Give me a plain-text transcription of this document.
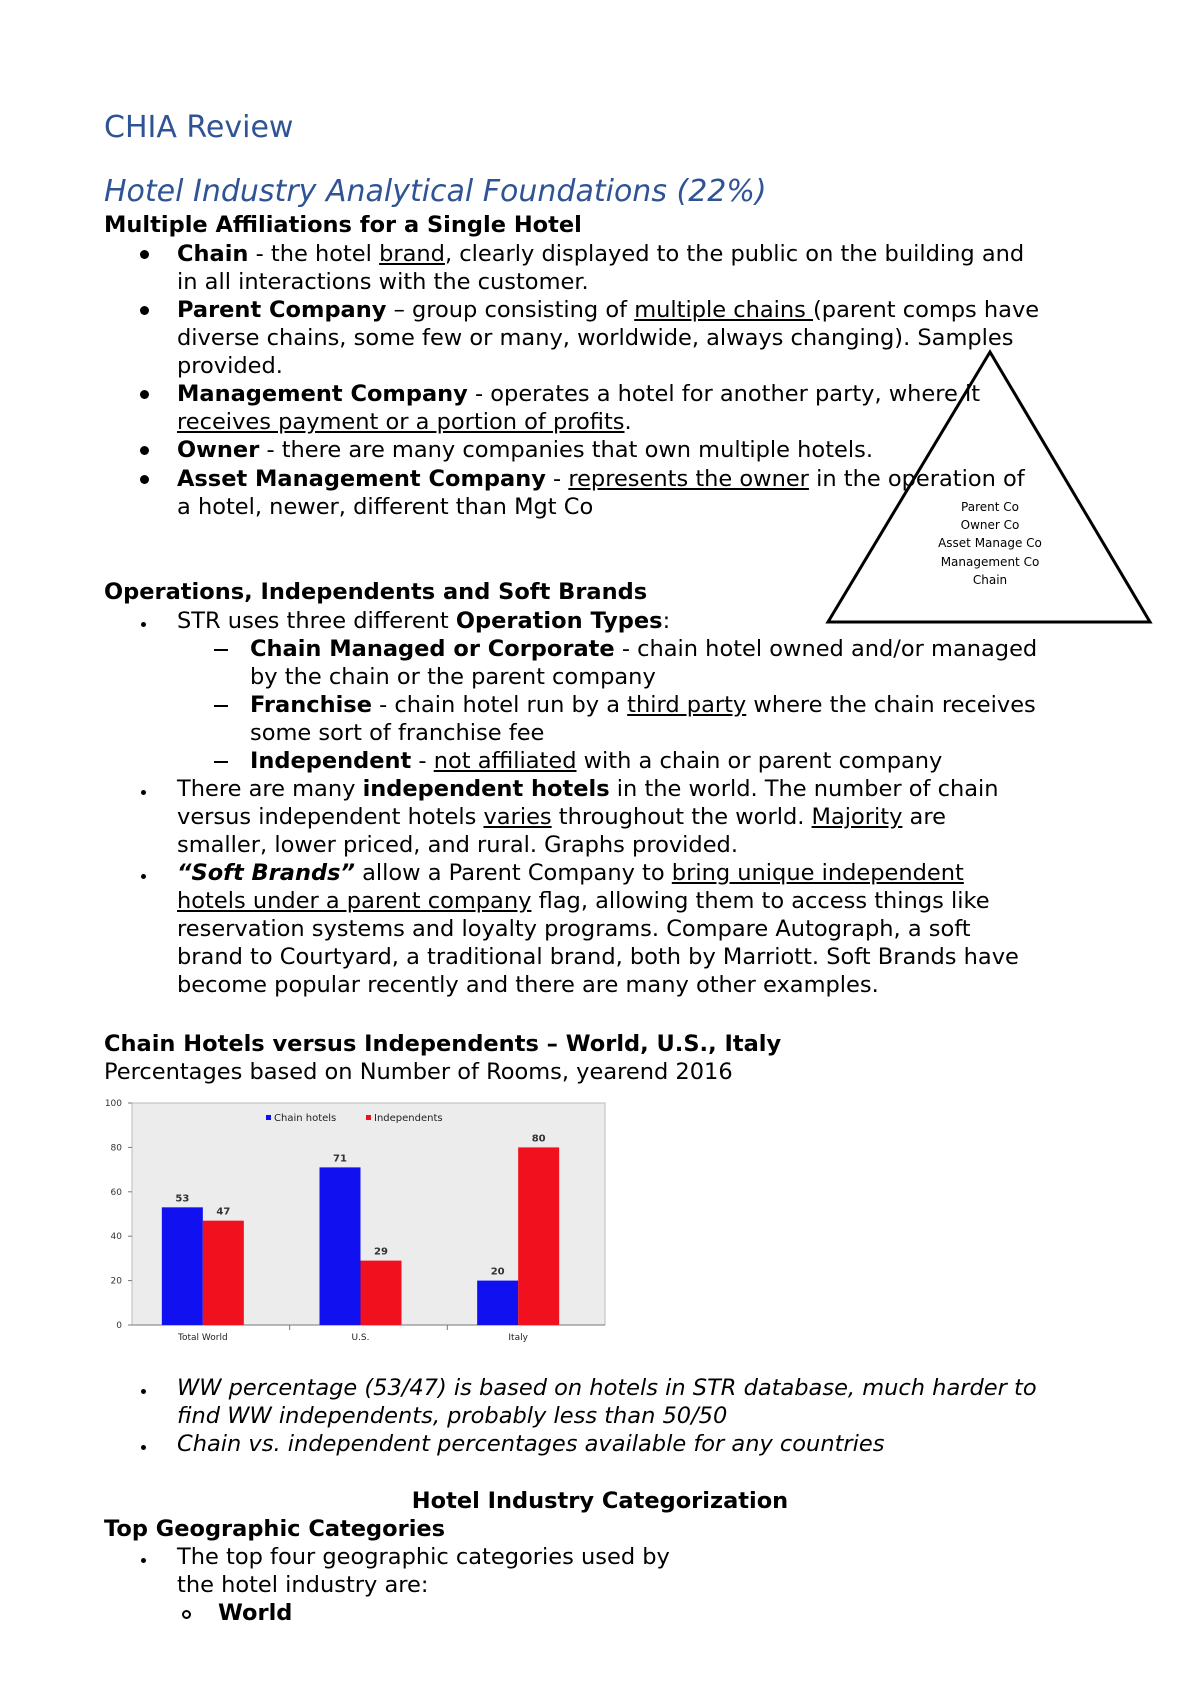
CHIA Review
Hotel Industry Analytical Foundations (22%)
Multiple Affiliations for a Single Hotel
Chain - the hotel brand, clearly displayed to the public on the building and
in all interactions with the customer.
Parent Company – group consisting of multiple chains (parent comps have
diverse chains, some few or many, worldwide, always changing). Samples
provided.
Management Company - operates a hotel for another party, where it
receives payment or a portion of profits.
Owner - there are many companies that own multiple hotels.
Asset Management Company - represents the owner in the operation of
a hotel, newer, different than Mgt Co	Parent Co
Owner Co
Asset Manage Co
Management Co
Chain
Operations, Independents and Soft Brands
STR uses three different Operation Types:
Chain Managed or Corporate - chain hotel owned and/or managed
by the chain or the parent company
Franchise - chain hotel run by a third party where the chain receives
some sort of franchise fee
Independent - not affiliated with a chain or parent company
There are many independent hotels in the world. The number of chain
versus independent hotels varies throughout the world. Majority are
smaller, lower priced, and rural. Graphs provided.
“Soft Brands” allow a Parent Company to bring unique independent
hotels under a parent company flag, allowing them to access things like
reservation systems and loyalty programs. Compare Autograph, a soft
brand to Courtyard, a traditional brand, both by Marriott. Soft Brands have
become popular recently and there are many other examples.
Chain Hotels versus Independents – World, U.S., Italy
Percentages based on Number of Rooms, yearend 2016
0
20
40
60
80
100
53
47
Total World
71
29
U.S.
20
80
Italy
Chain hotels	Independents
WW percentage (53/47) is based on hotels in STR database, much harder to
find WW independents, probably less than 50/50
Chain vs. independent percentages available for any countries
Hotel Industry Categorization
Top Geographic Categories
The top four geographic categories used by
the hotel industry are:
World
